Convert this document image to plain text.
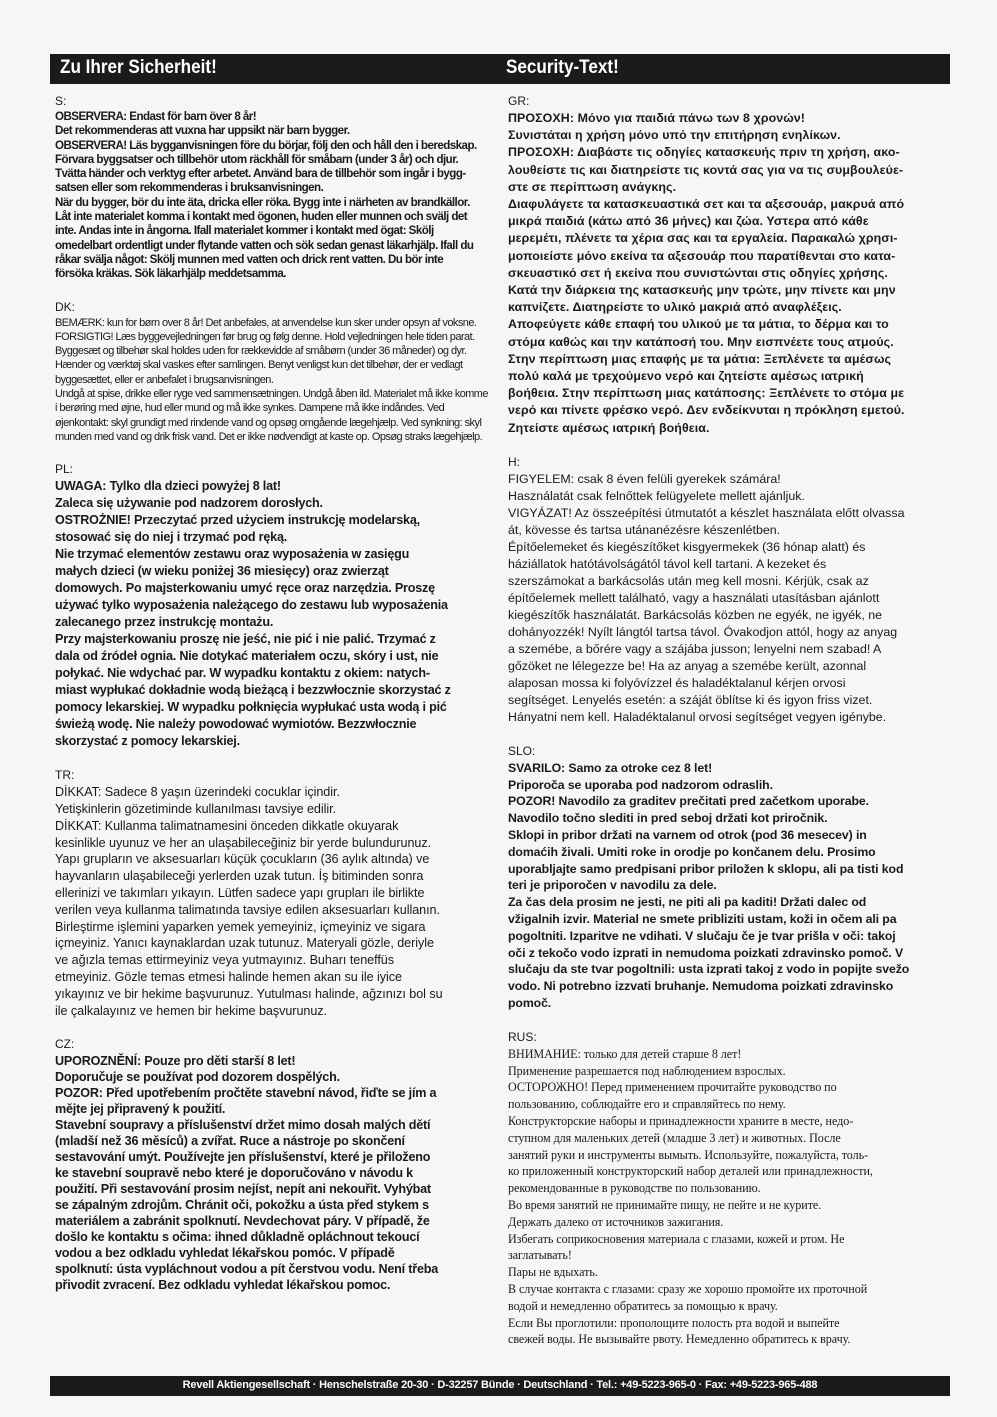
Zu Ihrer Sicherheit!	Security-Text!
S:
OBSERVERA: Endast för barn över 8 år!
Det rekommenderas att vuxna har uppsikt när barn bygger.
OBSERVERA! Läs bygganvisningen före du börjar, följ den och håll den i beredskap.
Förvara byggsatser och tillbehör utom räckhåll för småbarn (under 3 år) och djur.
Tvätta händer och verktyg efter arbetet. Använd bara de tillbehör som ingår i bygg-
satsen eller som rekommenderas i bruksanvisningen.
När du bygger, bör du inte äta, dricka eller röka. Bygg inte i närheten av brandkällor.
Låt inte materialet komma i kontakt med ögonen, huden eller munnen och svälj det
inte. Andas inte in ångorna. Ifall materialet kommer i kontakt med ögat: Skölj
omedelbart ordentligt under flytande vatten och sök sedan genast läkarhjälp. Ifall du
råkar svälja något: Skölj munnen med vatten och drick rent vatten. Du bör inte
försöka kräkas. Sök läkarhjälp meddetsamma.
DK:
BEMÆRK: kun for børn over 8 år! Det anbefales, at anvendelse kun sker under opsyn af voksne.
FORSIGTIG! Læs byggevejledningen før brug og følg denne. Hold vejledningen hele tiden parat.
Byggesæt og tilbehør skal holdes uden for rækkevidde af småbørn (under 36 måneder) og dyr.
Hænder og værktøj skal vaskes efter samlingen. Benyt venligst kun det tilbehør, der er vedlagt
byggesættet, eller er anbefalet i brugsanvisningen.
Undgå at spise, drikke eller ryge ved sammensætningen. Undgå åben ild. Materialet må ikke komme
i berøring med øjne, hud eller mund og må ikke synkes. Dampene må ikke indåndes. Ved
øjenkontakt: skyl grundigt med rindende vand og opsøg omgående lægehjælp. Ved synkning: skyl
munden med vand og drik frisk vand. Det er ikke nødvendigt at kaste op. Opsøg straks lægehjælp.
PL:
UWAGA: Tylko dla dzieci powyżej 8 lat!
Zaleca się używanie pod nadzorem dorosłych.
OSTROŻNIE! Przeczytać przed użyciem instrukcję modelarską,
stosować się do niej i trzymać pod ręką.
Nie trzymać elementów zestawu oraz wyposażenia w zasięgu
małych dzieci (w wieku poniżej 36 miesięcy) oraz zwierząt
domowych. Po majsterkowaniu umyć ręce oraz narzędzia. Proszę
używać tylko wyposażenia należącego do zestawu lub wyposażenia
zalecanego przez instrukcję montażu.
Przy majsterkowaniu proszę nie jeść, nie pić i nie palić. Trzymać z
dala od źródeł ognia. Nie dotykać materiałem oczu, skóry i ust, nie
połykać. Nie wdychać par. W wypadku kontaktu z okiem: natych-
miast wypłukać dokładnie wodą bieżącą i bezzwłocznie skorzystać z
pomocy lekarskiej. W wypadku połknięcia wypłukać usta wodą i pić
świeżą wodę. Nie należy powodować wymiotów. Bezzwłocznie
skorzystać z pomocy lekarskiej.
TR:
DİKKAT: Sadece 8 yaşın üzerindeki cocuklar içindir.
Yetişkinlerin gözetiminde kullanılması tavsiye edilir.
DİKKAT: Kullanma talimatnamesini önceden dikkatle okuyarak
kesinlikle uyunuz ve her an ulaşabileceğiniz bir yerde bulundurunuz.
Yapı grupların ve aksesuarları küçük çocukların (36 aylık altında) ve
hayvanların ulaşabileceği yerlerden uzak tutun. İş bitiminden sonra
ellerinizi ve takımları yıkayın. Lütfen sadece yapı grupları ile birlikte
verilen veya kullanma talimatında tavsiye edilen aksesuarları kullanın.
Birleştirme işlemini yaparken yemek yemeyiniz, içmeyiniz ve sigara
içmeyiniz. Yanıcı kaynaklardan uzak tutunuz. Materyali gözle, deriyle
ve ağızla temas ettirmeyiniz veya yutmayınız. Buharı teneffüs
etmeyiniz. Gözle temas etmesi halinde hemen akan su ile iyice
yıkayınız ve bir hekime başvurunuz. Yutulması halinde, ağzınızı bol su
ile çalkalayınız ve hemen bir hekime başvurunuz.
CZ:
UPOROZNĚNÍ: Pouze pro děti starší 8 let!
Doporučuje se používat pod dozorem dospělých.
POZOR: Před upotřebením pročtěte stavební návod, řiďte se jím a
mějte jej připravený k použití.
Stavební soupravy a příslušenství držet mimo dosah malých dětí
(mladší než 36 měsíců) a zvířat. Ruce a nástroje po skončení
sestavování umýt. Používejte jen příslušenství, které je přiloženo
ke stavební soupravě nebo které je doporučováno v návodu k
použití. Při sestavování prosim nejíst, nepít ani nekouřit. Vyhýbat
se zápalným zdrojům. Chránit oči, pokožku a ústa před stykem s
materiálem a zabránit spolknutí. Nevdechovat páry. V případě, že
došlo ke kontaktu s očima: ihned důkladně opláchnout tekoucí
vodou a bez odkladu vyhledat lékařskou pomóc. V případě
spolknutí: ústa vypláchnout vodou a pít čerstvou vodu. Není třeba
přivodit zvracení. Bez odkladu vyhledat lékařskou pomoc.
GR:
ΠΡΟΣΟΧΗ: Μόνο για παιδιά πάνω των 8 χρονών!
Συνιστάται η χρήση μόνο υπό την επιτήρηση ενηλίκων.
ΠΡΟΣΟΧΗ: Διαβάστε τις οδηγίες κατασκευής πριν τη χρήση, ακο-
λουθείστε τις και διατηρείστε τις κοντά σας για να τις συμβουλεύε-
στε σε περίπτωση ανάγκης.
Διαφυλάγετε τα κατασκευαστικά σετ και τα αξεσουάρ, μακρυά από
μικρά παιδιά (κάτω από 36 μήνες) και ζώα. Υστερα από κάθε
μερεμέτι, πλένετε τα χέρια σας και τα εργαλεία. Παρακαλώ χρησι-
μοποιείστε μόνο εκείνα τα αξεσουάρ που παρατίθενται στο κατα-
σκευαστικό σετ ή εκείνα που συνιστώνται στις οδηγίες χρήσης.
Κατά την διάρκεια της κατασκευής μην τρώτε, μην πίνετε και μην
καπνίζετε. Διατηρείστε το υλικό μακριά από αναφλέξεις.
Αποφεύγετε κάθε επαφή του υλικού με τα μάτια, το δέρμα και το
στόμα καθώς και την κατάποσή του. Μην εισπνέετε τους ατμούς.
Στην περίπτωση μιας επαφής με τα μάτια: Ξεπλένετε τα αμέσως
πολύ καλά με τρεχούμενο νερό και ζητείστε αμέσως ιατρική
βοήθεια. Στην περίπτωση μιας κατάποσης: Ξεπλένετε το στόμα με
νερό και πίνετε φρέσκο νερό. Δεν ενδείκνυται η πρόκληση εμετού.
Ζητείστε αμέσως ιατρική βοήθεια.
H:
FIGYELEM: csak 8 éven felüli gyerekek számára!
Használatát csak felnőttek felügyelete mellett ajánljuk.
VIGYÁZAT! Az összeépítési útmutatót a készlet használata előtt olvassa
át, kövesse és tartsa utánanézésre készenlétben.
Építőelemeket és kiegészítőket kisgyermekek (36 hónap alatt) és
háziállatok hatótávolságától távol kell tartani. A kezeket és
szerszámokat a barkácsolás után meg kell mosni. Kérjük, csak az
építőelemek mellett található, vagy a használati utasításban ajánlott
kiegészítők használatát. Barkácsolás közben ne egyék, ne igyék, ne
dohányozzék! Nyílt lángtól tartsa távol. Óvakodjon attól, hogy az anyag
a szemébe, a bőrére vagy a szájába jusson; lenyelni nem szabad! A
gőzöket ne lélegezze be! Ha az anyag a szemébe került, azonnal
alaposan mossa ki folyóvízzel és haladéktalanul kérjen orvosi
segítséget. Lenyelés esetén: a száját öblítse ki és igyon friss vizet.
Hányatni nem kell. Haladéktalanul orvosi segítséget vegyen igénybe.
SLO:
SVARILO: Samo za otroke cez 8 let!
Priporoča se uporaba pod nadzorom odraslih.
POZOR! Navodilo za graditev prečitati pred začetkom uporabe.
Navodilo točno slediti in pred seboj držati kot priročnik.
Sklopi in pribor držati na varnem od otrok (pod 36 mesecev) in
domaćih živali. Umiti roke in orodje po končanem delu. Prosimo
uporabljajte samo predpisani pribor priložen k sklopu, ali pa tisti kod
teri je priporočen v navodilu za dele.
Za čas dela prosim ne jesti, ne piti ali pa kaditi! Držati dalec od
vžigalnih izvir. Material ne smete pribliziti ustam, koži in očem ali pa
pogoltniti. Izparitve ne vdihati. V slučaju če je tvar prišla v oči: takoj
oči z tekočo vodo izprati in nemudoma poizkati zdravinsko pomoč. V
slučaju da ste tvar pogoltnili: usta izprati takoj z vodo in popijte svežo
vodo. Ni potrebno izzvati bruhanje. Nemudoma poizkati zdravinsko
pomoč.
RUS:
ВНИМАНИЕ: только для детей старше 8 лет!
Применение разрешается под наблюдением взрослых.
ОСТОРОЖНО! Перед применением прочитайте руководство по
пользованию, соблюдайте его и справляйтесь по нему.
Конструкторские наборы и принадлежности храните в месте, недо-
ступном для маленьких детей (младше 3 лет) и животных. После
занятий руки и инструменты вымыть. Используйте, пожалуйста, толь-
ко приложенный конструкторский набор деталей или принадлежности,
рекомендованные в руководстве по пользованию.
Во время занятий не принимайте пищу, не пейте и не курите.
Держать далеко от источников зажигания.
Избегать соприкосновения материала с глазами, кожей и ртом. Не
заглатывать!
Пары не вдыхать.
В случае контакта с глазами: сразу же хорошо промойте их проточной
водой и немедленно обратитесь за помощью к врачу.
Если Вы проглотили: прополощите полость рта водой и выпейте
свежей воды. Не вызывайте рвоту. Немедленно обратитесь к врачу.
Revell Aktiengesellschaft · Henschelstraße 20-30 · D-32257 Bünde · Deutschland · Tel.: +49-5223-965-0 · Fax: +49-5223-965-488
